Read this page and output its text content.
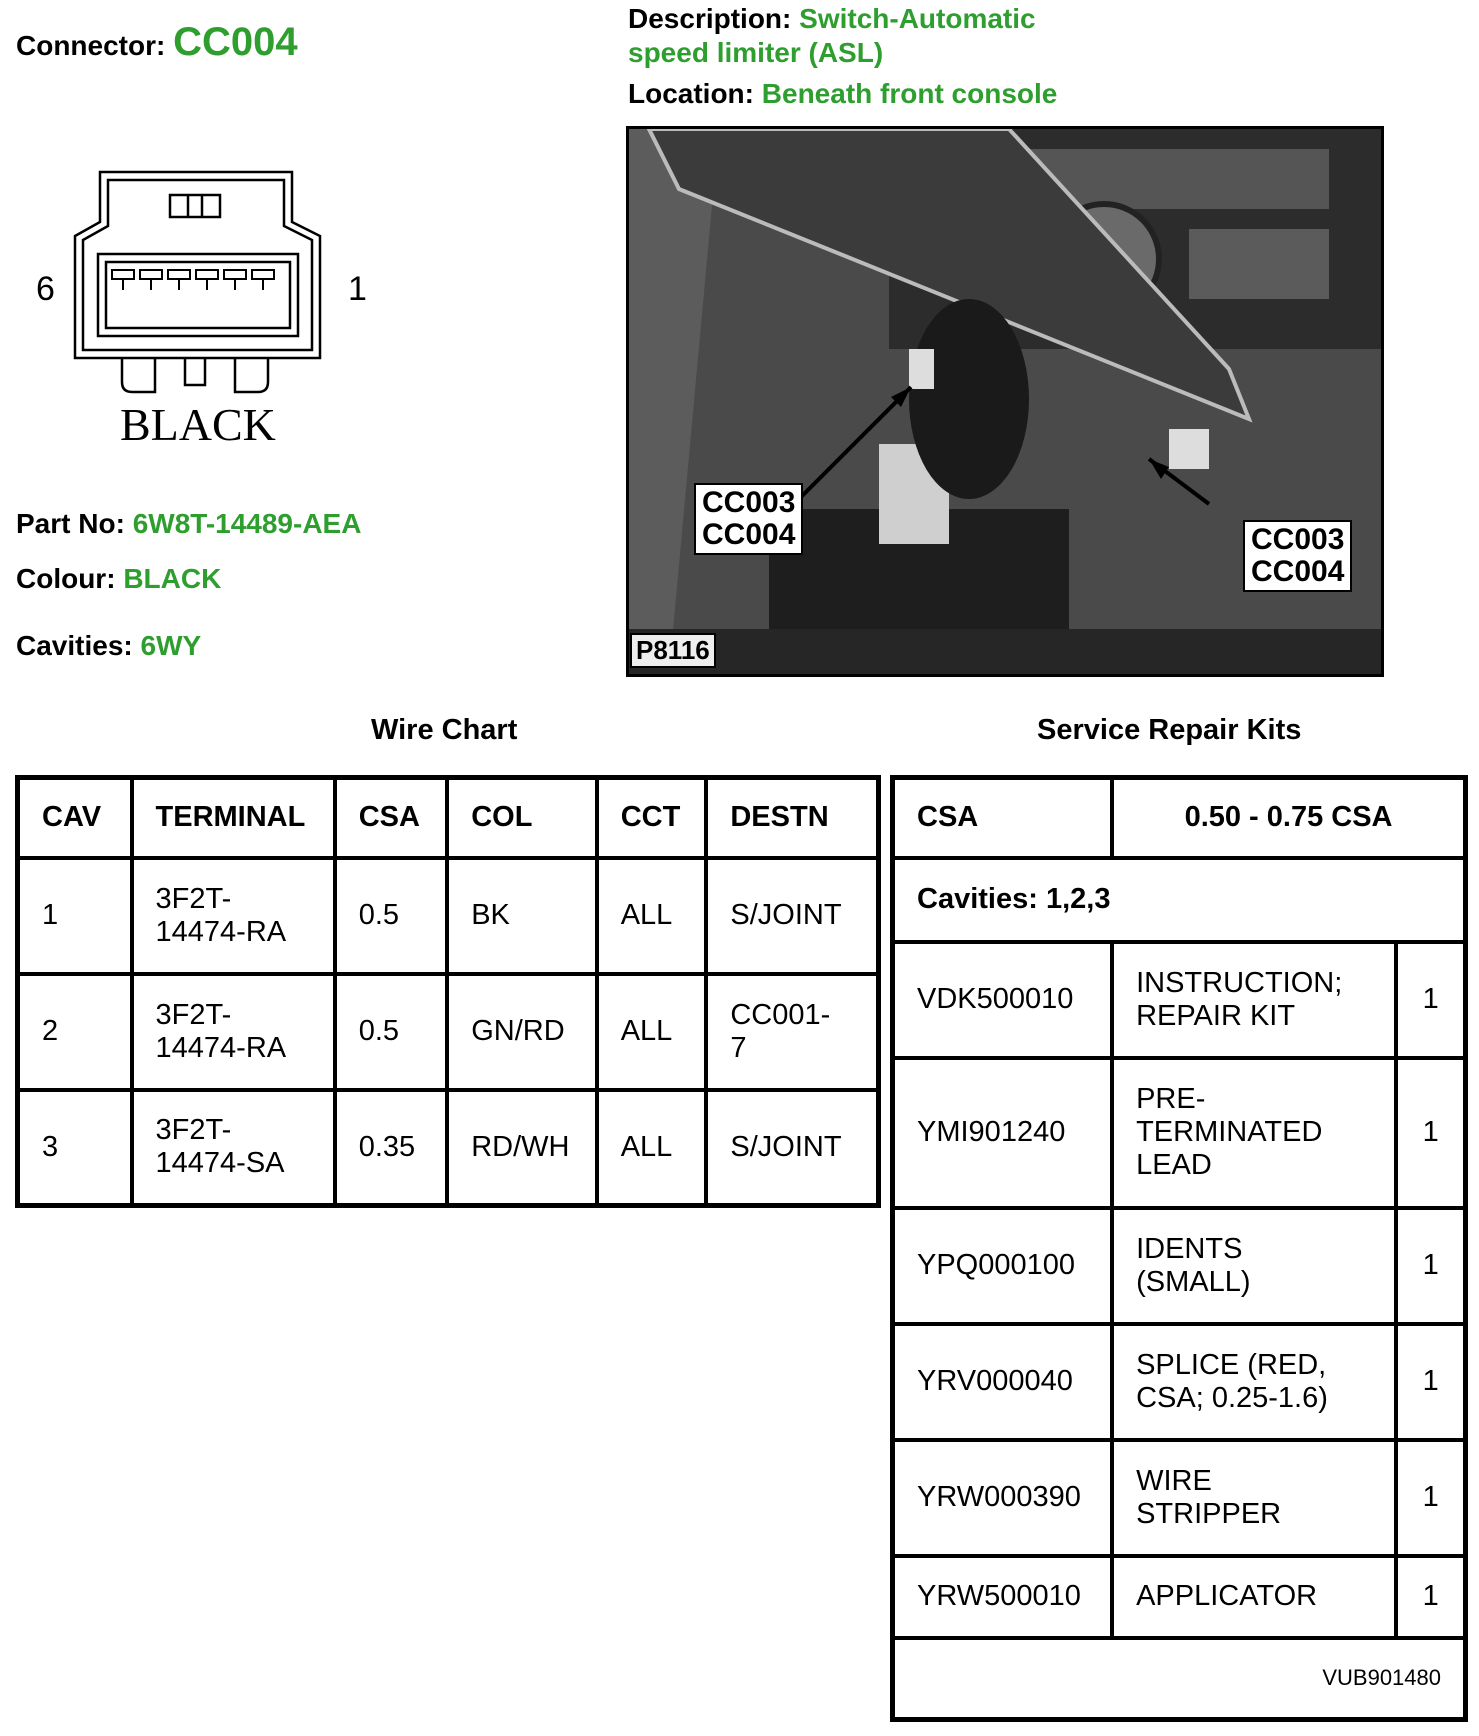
Connector: CC004
Description: Switch-Automatic
speed limiter (ASL)
Location: Beneath front console
6	1
BLACK
Part No: 6W8T-14489-AEA
Colour: BLACK
Cavities: 6WY
CC003
CC004	CC003
CC004
P8116
Wire Chart	Service Repair Kits
CAV	TERMINAL	CSA	COL	CCT	DESTN
1	3F2T-
14474-RA	0.5	BK	ALL	S/JOINT
2	3F2T-
14474-RA	0.5	GN/RD	ALL	CC001-
7
3	3F2T-
14474-SA	0.35	RD/WH	ALL	S/JOINT
CSA	0.50 - 0.75 CSA	
Cavities: 1,2,3		
VDK500010	INSTRUCTION;
REPAIR KIT	1
YMI901240	PRE-
TERMINATED
LEAD	1
YPQ000100	IDENTS
(SMALL)	1
YRV000040	SPLICE (RED,
CSA; 0.25-1.6)	1
YRW000390	WIRE
STRIPPER	1
YRW500010	APPLICATOR	1
VUB901480		
